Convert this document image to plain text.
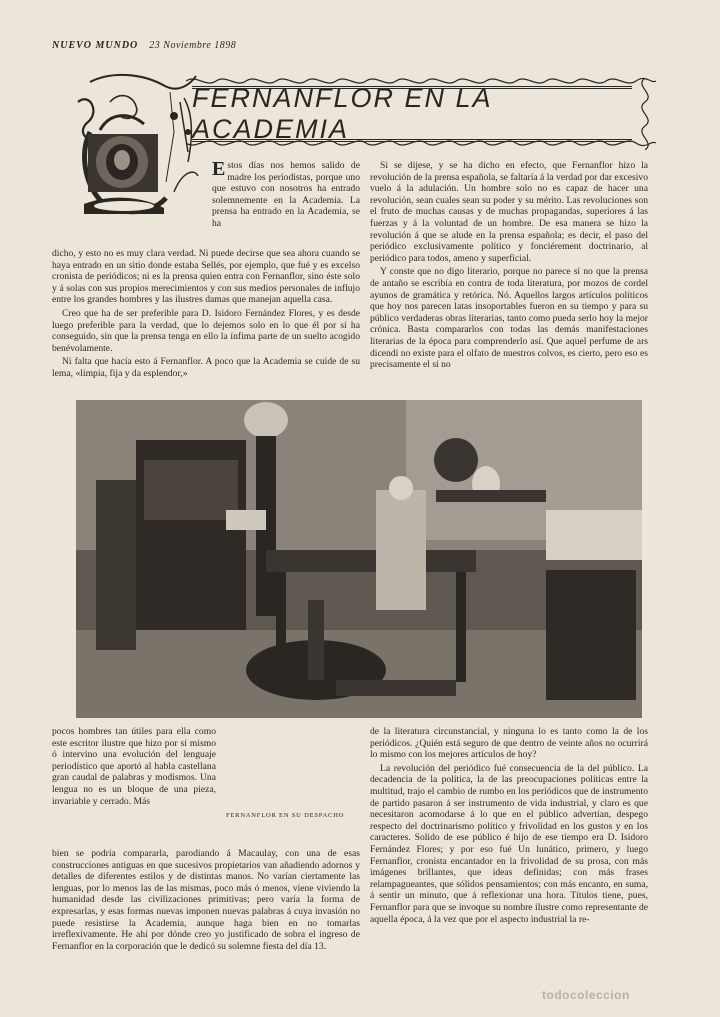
NUEVO MUNDO 23 Noviembre 1898
FERNANFLOR EN LA ACADEMIA

Estos días nos hemos salido de madre los periodistas, porque uno que estuvo con nosotros ha entrado solemnemente en la Academia. La prensa ha entrado en la Academia, se ha

dicho, y esto no es muy clara verdad. Ni puede decirse que sea ahora cuando se haya entrado en un sitio donde estaba Sellés, por ejemplo, que fué y es excelso cronista de periódicos; ni es la prensa quien entra con Fernanflor, sino éste solo y á solas con sus propios merecimientos y con sus medios personales de influjo entre los grandes hombres y las ilustres damas que manejan aquella casa.

Creo que ha de ser preferible para D. Isidoro Fernández Flores, y es desde luego preferible para la verdad, que lo dejemos solo en lo que él por sí ha conseguido, sin que la prensa tenga en ello la ínfima parte de un suelto acogido benévolamente.

Ni falta que hacía esto á Fernanflor. A poco que la Academia se cuide de su lema, «limpia, fija y da esplendor,»

Si se dijese, y se ha dicho en efecto, que Fernanflor hizo la revolución de la prensa española, se faltaría á la verdad por dar excesivo vuelo á la adulación. Un hombre solo no es capaz de hacer una revolución, sean cuales sean su poder y su mérito. Las revoluciones son el fruto de muchas causas y de muchas propagandas, superiores á las fuerzas y á la voluntad de un hombre. De esa manera se hizo la revolución á que se alude en la prensa española; es decir, el paso del periódico exclusivamente político y fonciérement doctrinario, al periódico para todos, ameno y superficial.

Y conste que no digo literario, porque no parece sí no que la prensa de antaño se escribía en contra de toda literatura, por mozos de cordel ayunos de gramática y retórica. Nó. Aquellos largos artículos políticos que hoy nos parecen latas insoportables fueron en su tiempo y para su público verdaderas obras literarias, tanto como pueda serlo hoy la mejor crónica. Basta compararlos con todas las demás manifestaciones literarias de la época para comprenderlo así. Que aquel perfume de ars dicendi no existe para el olfato de nuestros colvos, es cierto, pero eso es precisamente el sí no

pocos hombres tan útiles para ella como este escritor ilustre que hizo por sí mismo ó intervino una evolución del lenguaje periodístico que aportó al habla castellana gran caudal de palabras y modismos. Una lengua no es un bloque de una pieza, invariable y cerrado. Más

FERNANFLOR EN SU DESPACHO

bien se podría compararla, parodiando á Macaulay, con una de esas construcciones antiguas en que sucesivos propietarios van añadiendo adornos y detalles de diferentes estilos y de distintas manos. No varían ciertamente las lenguas, por lo menos las de las mismas, poco más ó menos, viene viviendo la humanidad desde las civilizaciones primitivas; pero varía la forma de expresarlas, y esas formas nuevas imponen nuevas palabras á cuya invasión no puede resistirse la Academia, aunque haga bien en no tomarlas irreflexivamente. He ahí por dónde creo yo justificado de sobra el ingreso de Fernanflor en la corporación que le dedicó su solemne fiesta del día 13.

de la literatura circunstancial, y ninguna lo es tanto como la de los periódicos. ¿Quién está seguro de que dentro de veinte años no ocurrirá lo mismo con los mejores artículos de hoy?

La revolución del periódico fué consecuencia de la del público. La decadencia de la política, la de las preocupaciones políticas entre la multitud, trajo el cambio de rumbo en los periódicos que de instrumento de partido pasaron á ser instrumento de vida industrial, y claro es que necesitaron acomodarse á lo que en el público advertían, despego respecto del doctrinarismo político y frivolidad en los gustos y en los caracteres. Solido de ese público é hijo de ese tiempo era D. Isidoro Fernández Flores; y por eso fué Un lunático, primero, y luego Fernanflor, cronista encantador en la frivolidad de su prosa, con más imágenes brillantes, que ideas definidas; con más frases relampagueantes, que sólidos pensamientos; con más encanto, en suma, á sentir un minuto, que á reflexionar una hora. Títulos tiene, pues, Fernanflor para que se invoque su nombre ilustre como representante de aquella época, á la vez que por el aspecto industrial la re-

todocoleccion
